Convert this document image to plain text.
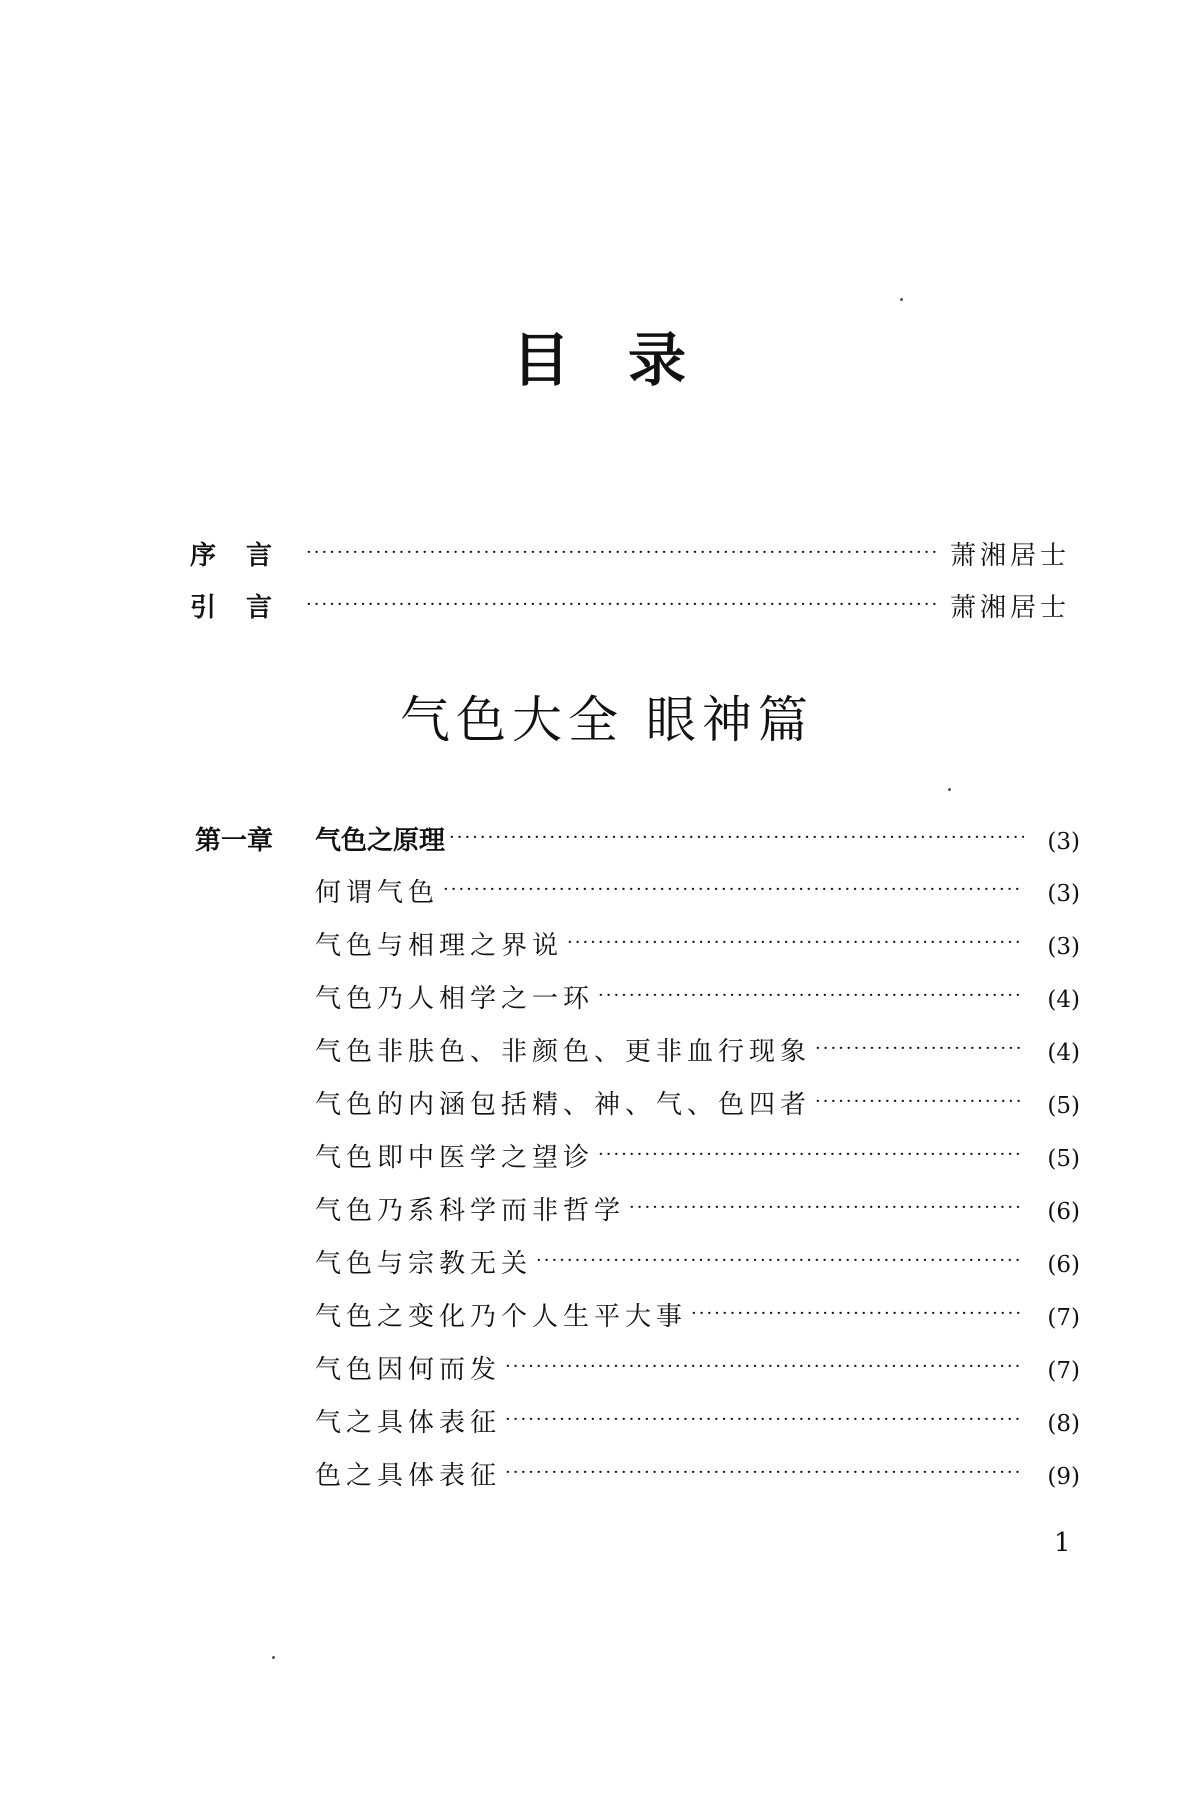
目录
序言 ·····	萧湘居士
引言 ·····	萧湘居士
气色大全 眼神篇
第一章	气色之原理 ·····	(3)
何谓气色 ·····	(3)
气色与相理之界说 ·····	(3)
气色乃人相学之一环 ·····	(4)
气色非肤色、非颜色、更非血行现象 ·····	(4)
气色的内涵包括精、神、气、色四者 ·····	(5)
气色即中医学之望诊 ·····	(5)
气色乃系科学而非哲学 ·····	(6)
气色与宗教无关 ·····	(6)
气色之变化乃个人生平大事 ·····	(7)
气色因何而发 ·····	(7)
气之具体表征 ·····	(8)
色之具体表征 ·····	(9)
1
